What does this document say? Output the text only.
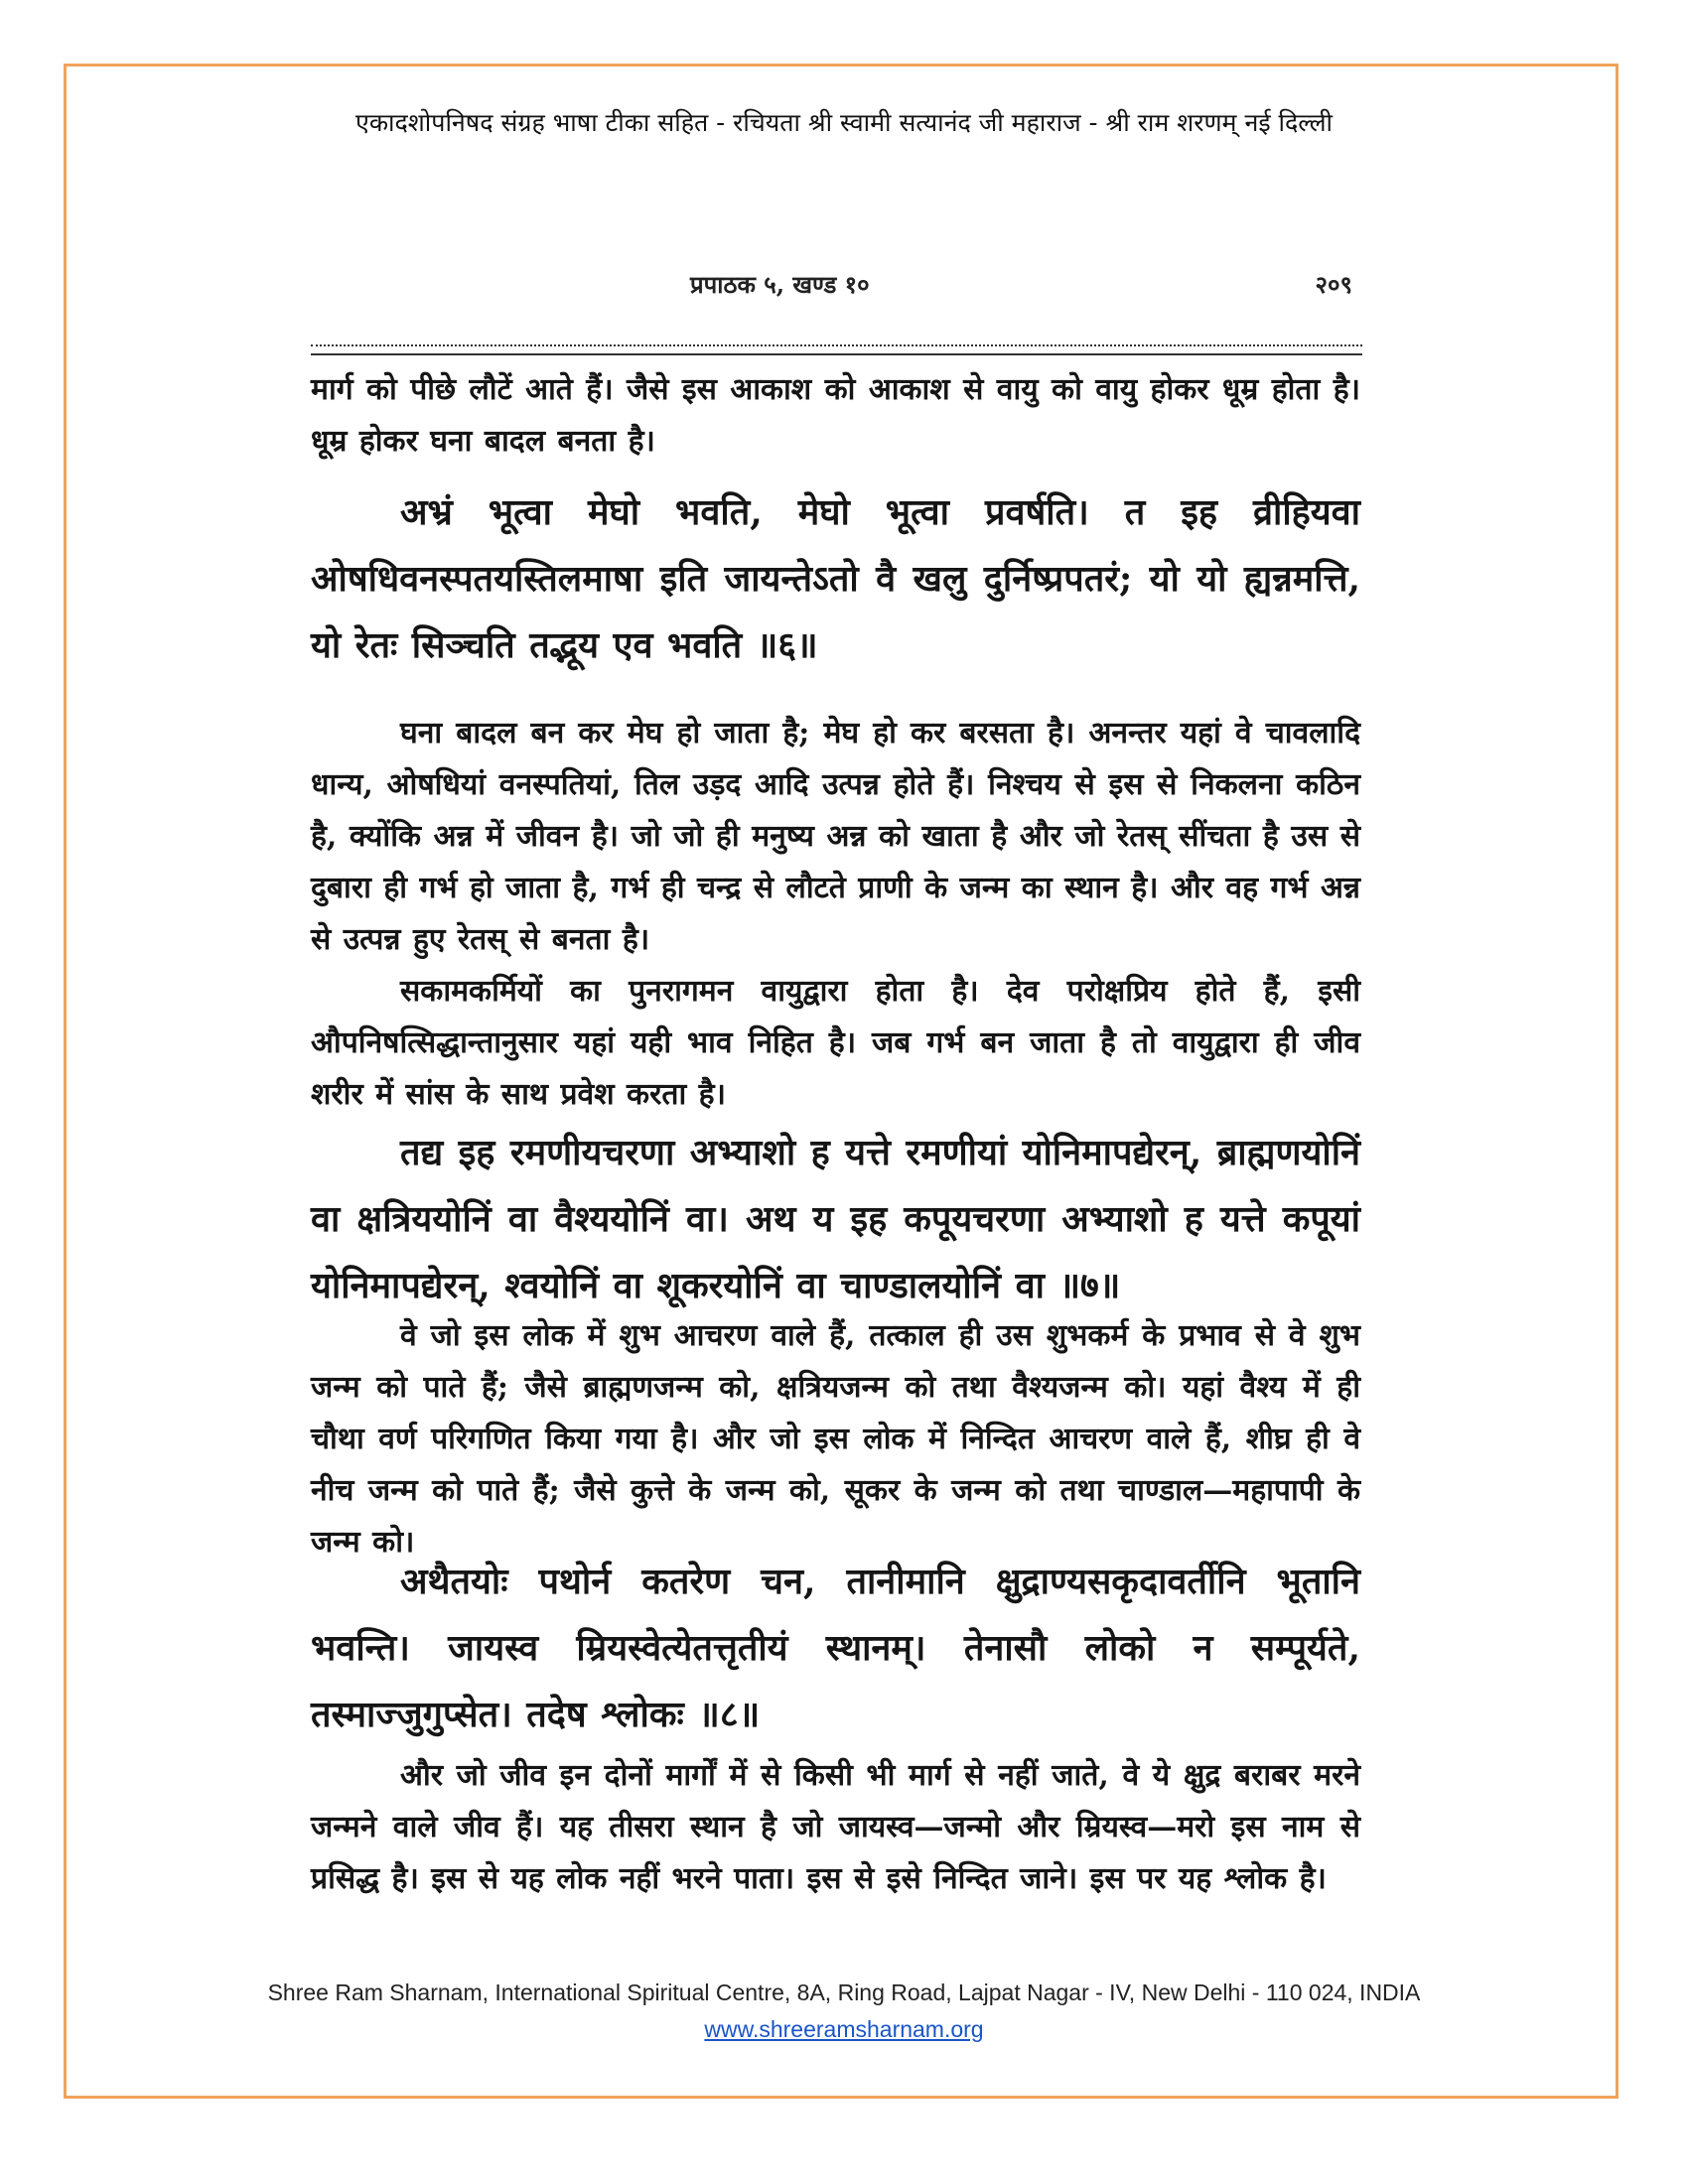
एकादशोपनिषद संग्रह भाषा टीका सहित - रचियता श्री स्वामी सत्यानंद जी महाराज - श्री राम शरणम् नई दिल्ली
प्रपाठक ५, खण्ड १०	२०९
मार्ग को पीछे लौटें आते हैं। जैसे इस आकाश को आकाश से वायु को वायु होकर धूम्र होता है। धूम्र होकर घना बादल बनता है।
अभ्रं भूत्वा मेघो भवति, मेघो भूत्वा प्रवर्षति। त इह व्रीहियवा ओषधिवनस्पतयस्तिलमाषा इति जायन्तेऽतो वै खलु दुर्निष्प्रपतरं; यो यो ह्यन्नमत्ति, यो रेतः सिञ्चति तद्भूय एव भवति ॥६॥
घना बादल बन कर मेघ हो जाता है; मेघ हो कर बरसता है। अनन्तर यहां वे चावलादि धान्य, ओषधियां वनस्पतियां, तिल उड़द आदि उत्पन्न होते हैं। निश्चय से इस से निकलना कठिन है, क्योंकि अन्न में जीवन है। जो जो ही मनुष्य अन्न को खाता है और जो रेतस् सींचता है उस से दुबारा ही गर्भ हो जाता है, गर्भ ही चन्द्र से लौटते प्राणी के जन्म का स्थान है। और वह गर्भ अन्न से उत्पन्न हुए रेतस् से बनता है।
सकामकर्मियों का पुनरागमन वायुद्वारा होता है। देव परोक्षप्रिय होते हैं, इसी औपनिषत्सिद्धान्तानुसार यहां यही भाव निहित है। जब गर्भ बन जाता है तो वायुद्वारा ही जीव शरीर में सांस के साथ प्रवेश करता है।
तद्य इह रमणीयचरणा अभ्याशो ह यत्ते रमणीयां योनिमापद्येरन्, ब्राह्मणयोनिं वा क्षत्रिययोनिं वा वैश्ययोनिं वा। अथ य इह कपूयचरणा अभ्याशो ह यत्ते कपूयां योनिमापद्येरन्, श्वयोनिं वा शूकरयोनिं वा चाण्डालयोनिं वा ॥७॥
वे जो इस लोक में शुभ आचरण वाले हैं, तत्काल ही उस शुभकर्म के प्रभाव से वे शुभ जन्म को पाते हैं; जैसे ब्राह्मणजन्म को, क्षत्रियजन्म को तथा वैश्यजन्म को। यहां वैश्य में ही चौथा वर्ण परिगणित किया गया है। और जो इस लोक में निन्दित आचरण वाले हैं, शीघ्र ही वे नीच जन्म को पाते हैं; जैसे कुत्ते के जन्म को, सूकर के जन्म को तथा चाण्डाल—महापापी के जन्म को।
अथैतयोः पथोर्न कतरेण चन, तानीमानि क्षुद्राण्यसकृदावर्तीनि भूतानि भवन्ति। जायस्व म्रियस्वेत्येतत्तृतीयं स्थानम्। तेनासौ लोको न सम्पूर्यते, तस्माज्जुगुप्सेत। तदेष श्लोकः ॥८॥
और जो जीव इन दोनों मार्गों में से किसी भी मार्ग से नहीं जाते, वे ये क्षुद्र बराबर मरने जन्मने वाले जीव हैं। यह तीसरा स्थान है जो जायस्व—जन्मो और म्रियस्व—मरो इस नाम से प्रसिद्ध है। इस से यह लोक नहीं भरने पाता। इस से इसे निन्दित जाने। इस पर यह श्लोक है।
Shree Ram Sharnam, International Spiritual Centre, 8A, Ring Road, Lajpat Nagar - IV, New Delhi - 110 024, INDIA
www.shreeramsharnam.org
